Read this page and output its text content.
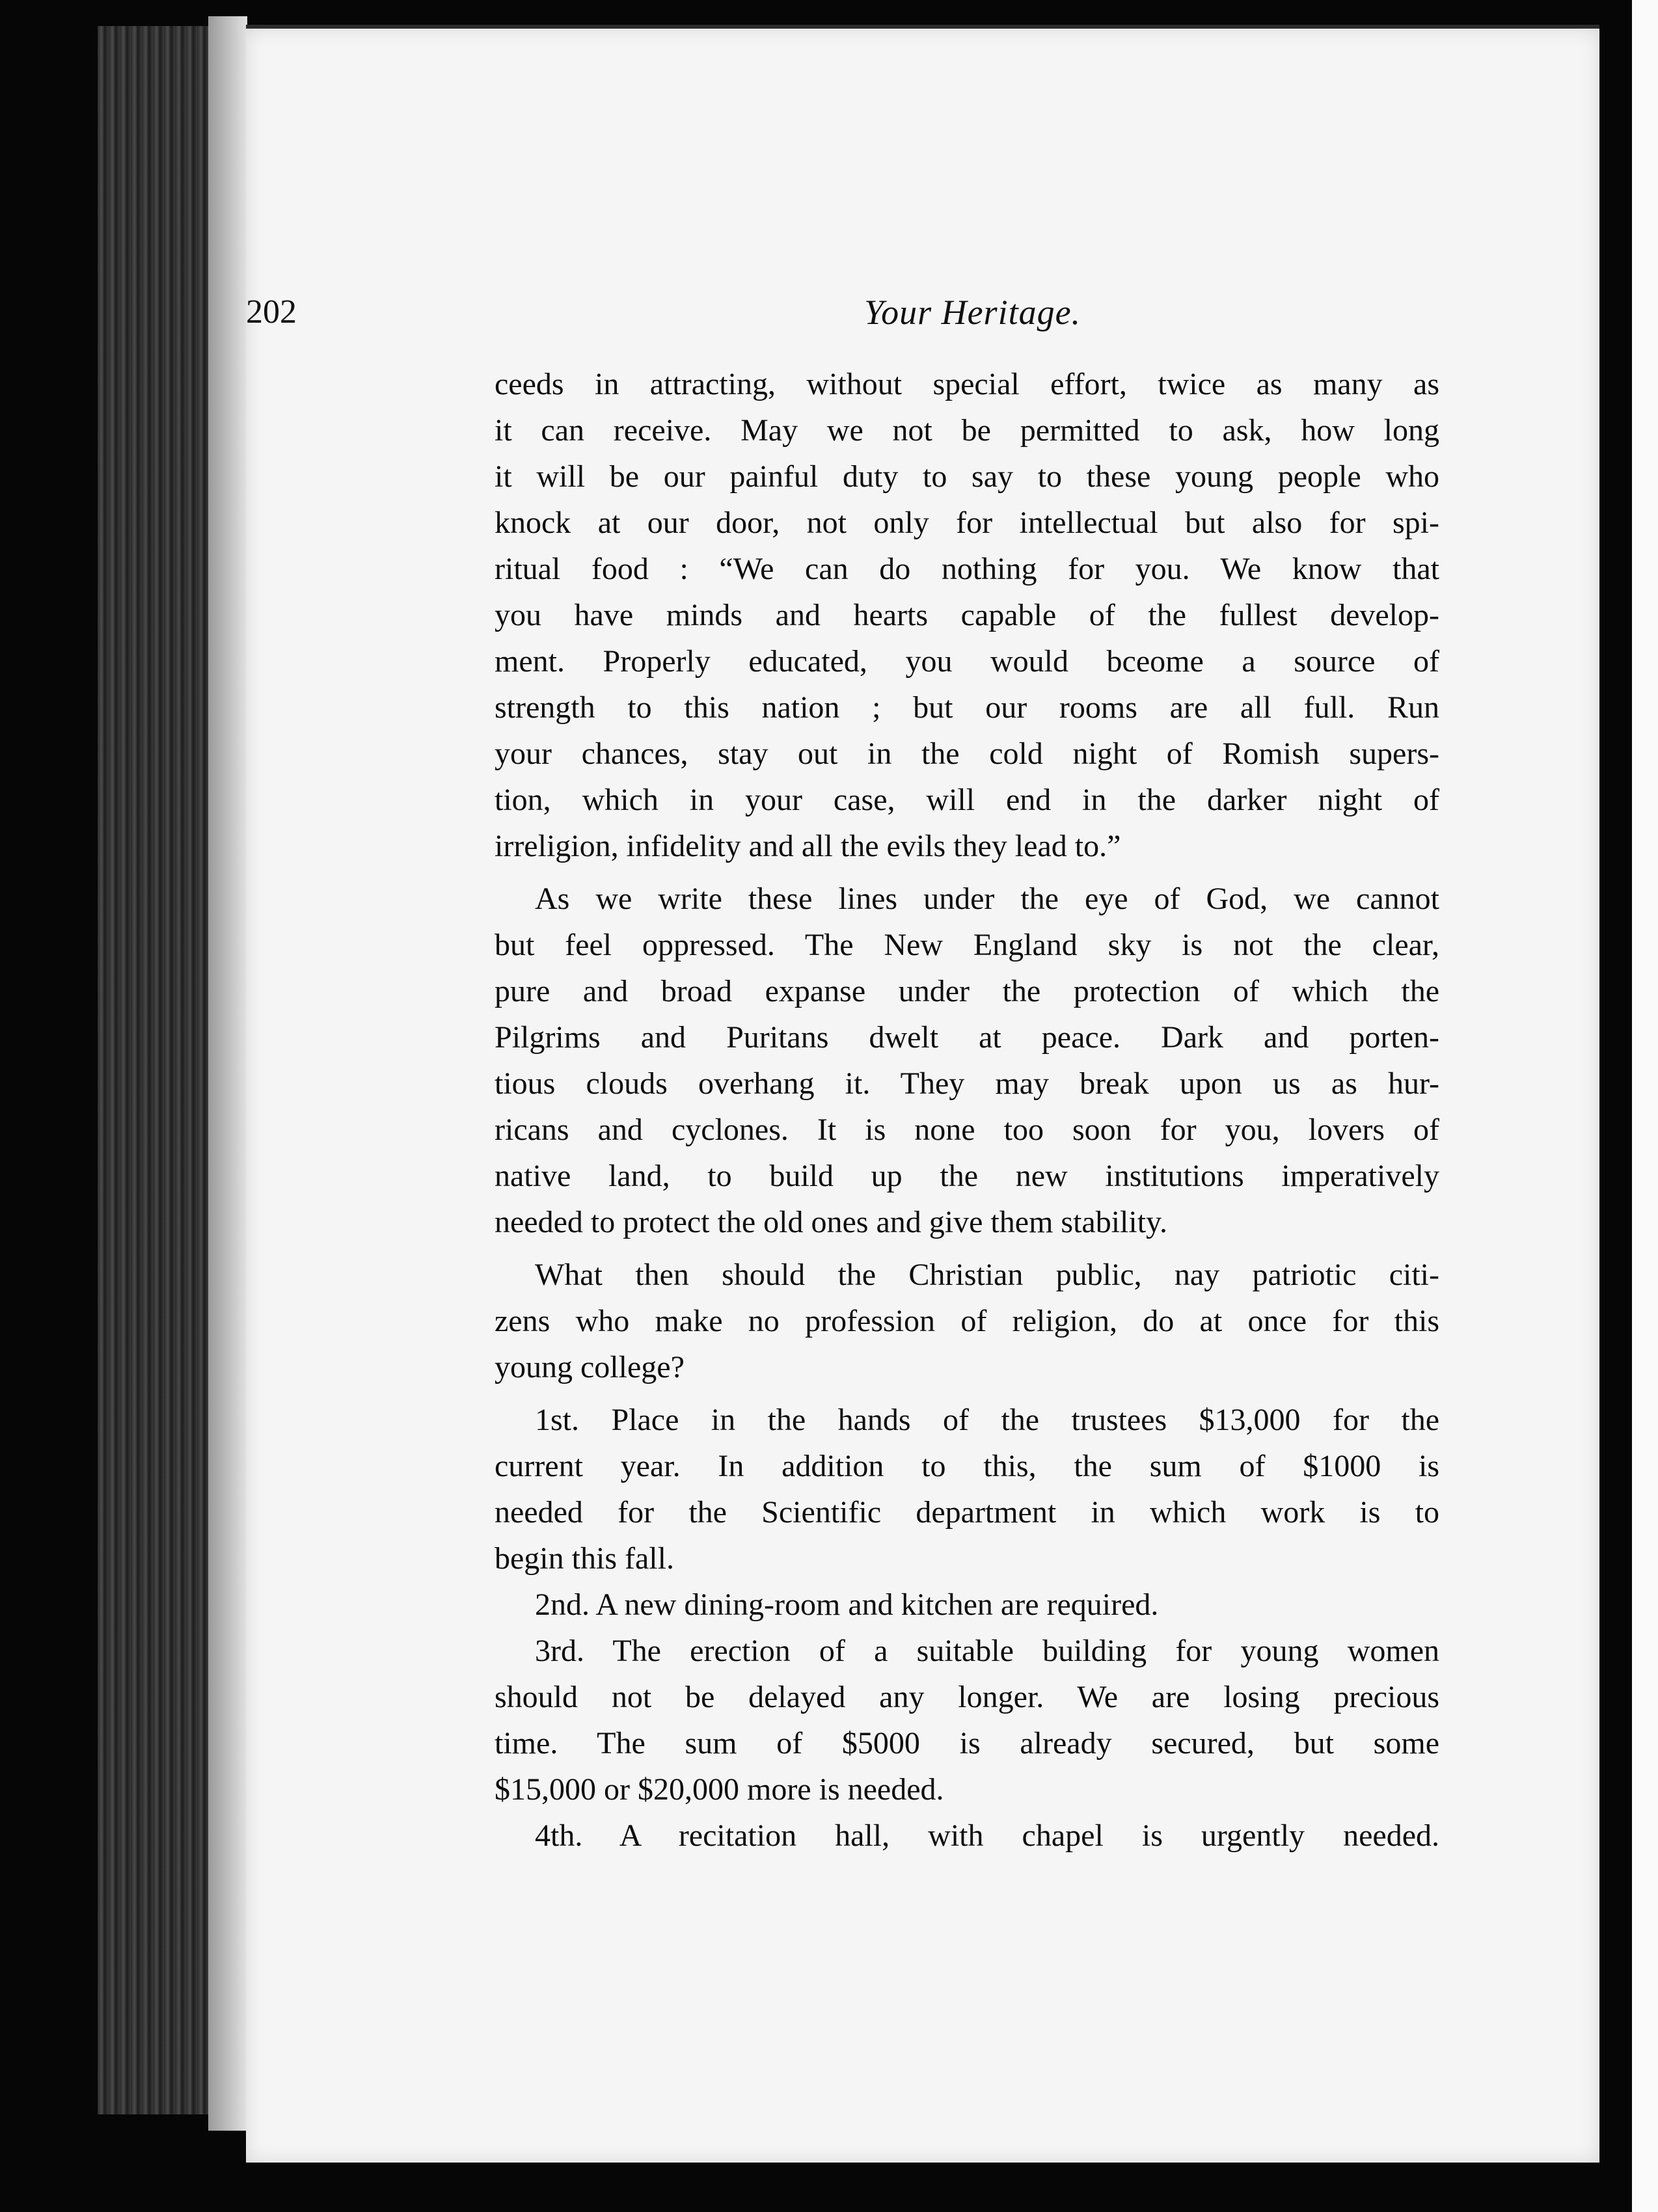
202	Your Heritage.
ceeds in attracting, without special effort, twice as many as
it can receive. May we not be permitted to ask, how long
it will be our painful duty to say to these young people who
knock at our door, not only for intellectual but also for spi-
ritual food : “We can do nothing for you. We know that
you have minds and hearts capable of the fullest develop-
ment. Properly educated, you would bceome a source of
strength to this nation ; but our rooms are all full. Run
your chances, stay out in the cold night of Romish supers-
tion, which in your case, will end in the darker night of
irreligion, infidelity and all the evils they lead to.”
As we write these lines under the eye of God, we cannot
but feel oppressed. The New England sky is not the clear,
pure and broad expanse under the protection of which the
Pilgrims and Puritans dwelt at peace. Dark and porten-
tious clouds overhang it. They may break upon us as hur-
ricans and cyclones. It is none too soon for you, lovers of
native land, to build up the new institutions imperatively
needed to protect the old ones and give them stability.
What then should the Christian public, nay patriotic citi-
zens who make no profession of religion, do at once for this
young college?
1st. Place in the hands of the trustees $13,000 for the
current year. In addition to this, the sum of $1000 is
needed for the Scientific department in which work is to
begin this fall.
2nd. A new dining-room and kitchen are required.
3rd. The erection of a suitable building for young women
should not be delayed any longer. We are losing precious
time. The sum of $5000 is already secured, but some
$15,000 or $20,000 more is needed.
4th. A recitation hall, with chapel is urgently needed.
